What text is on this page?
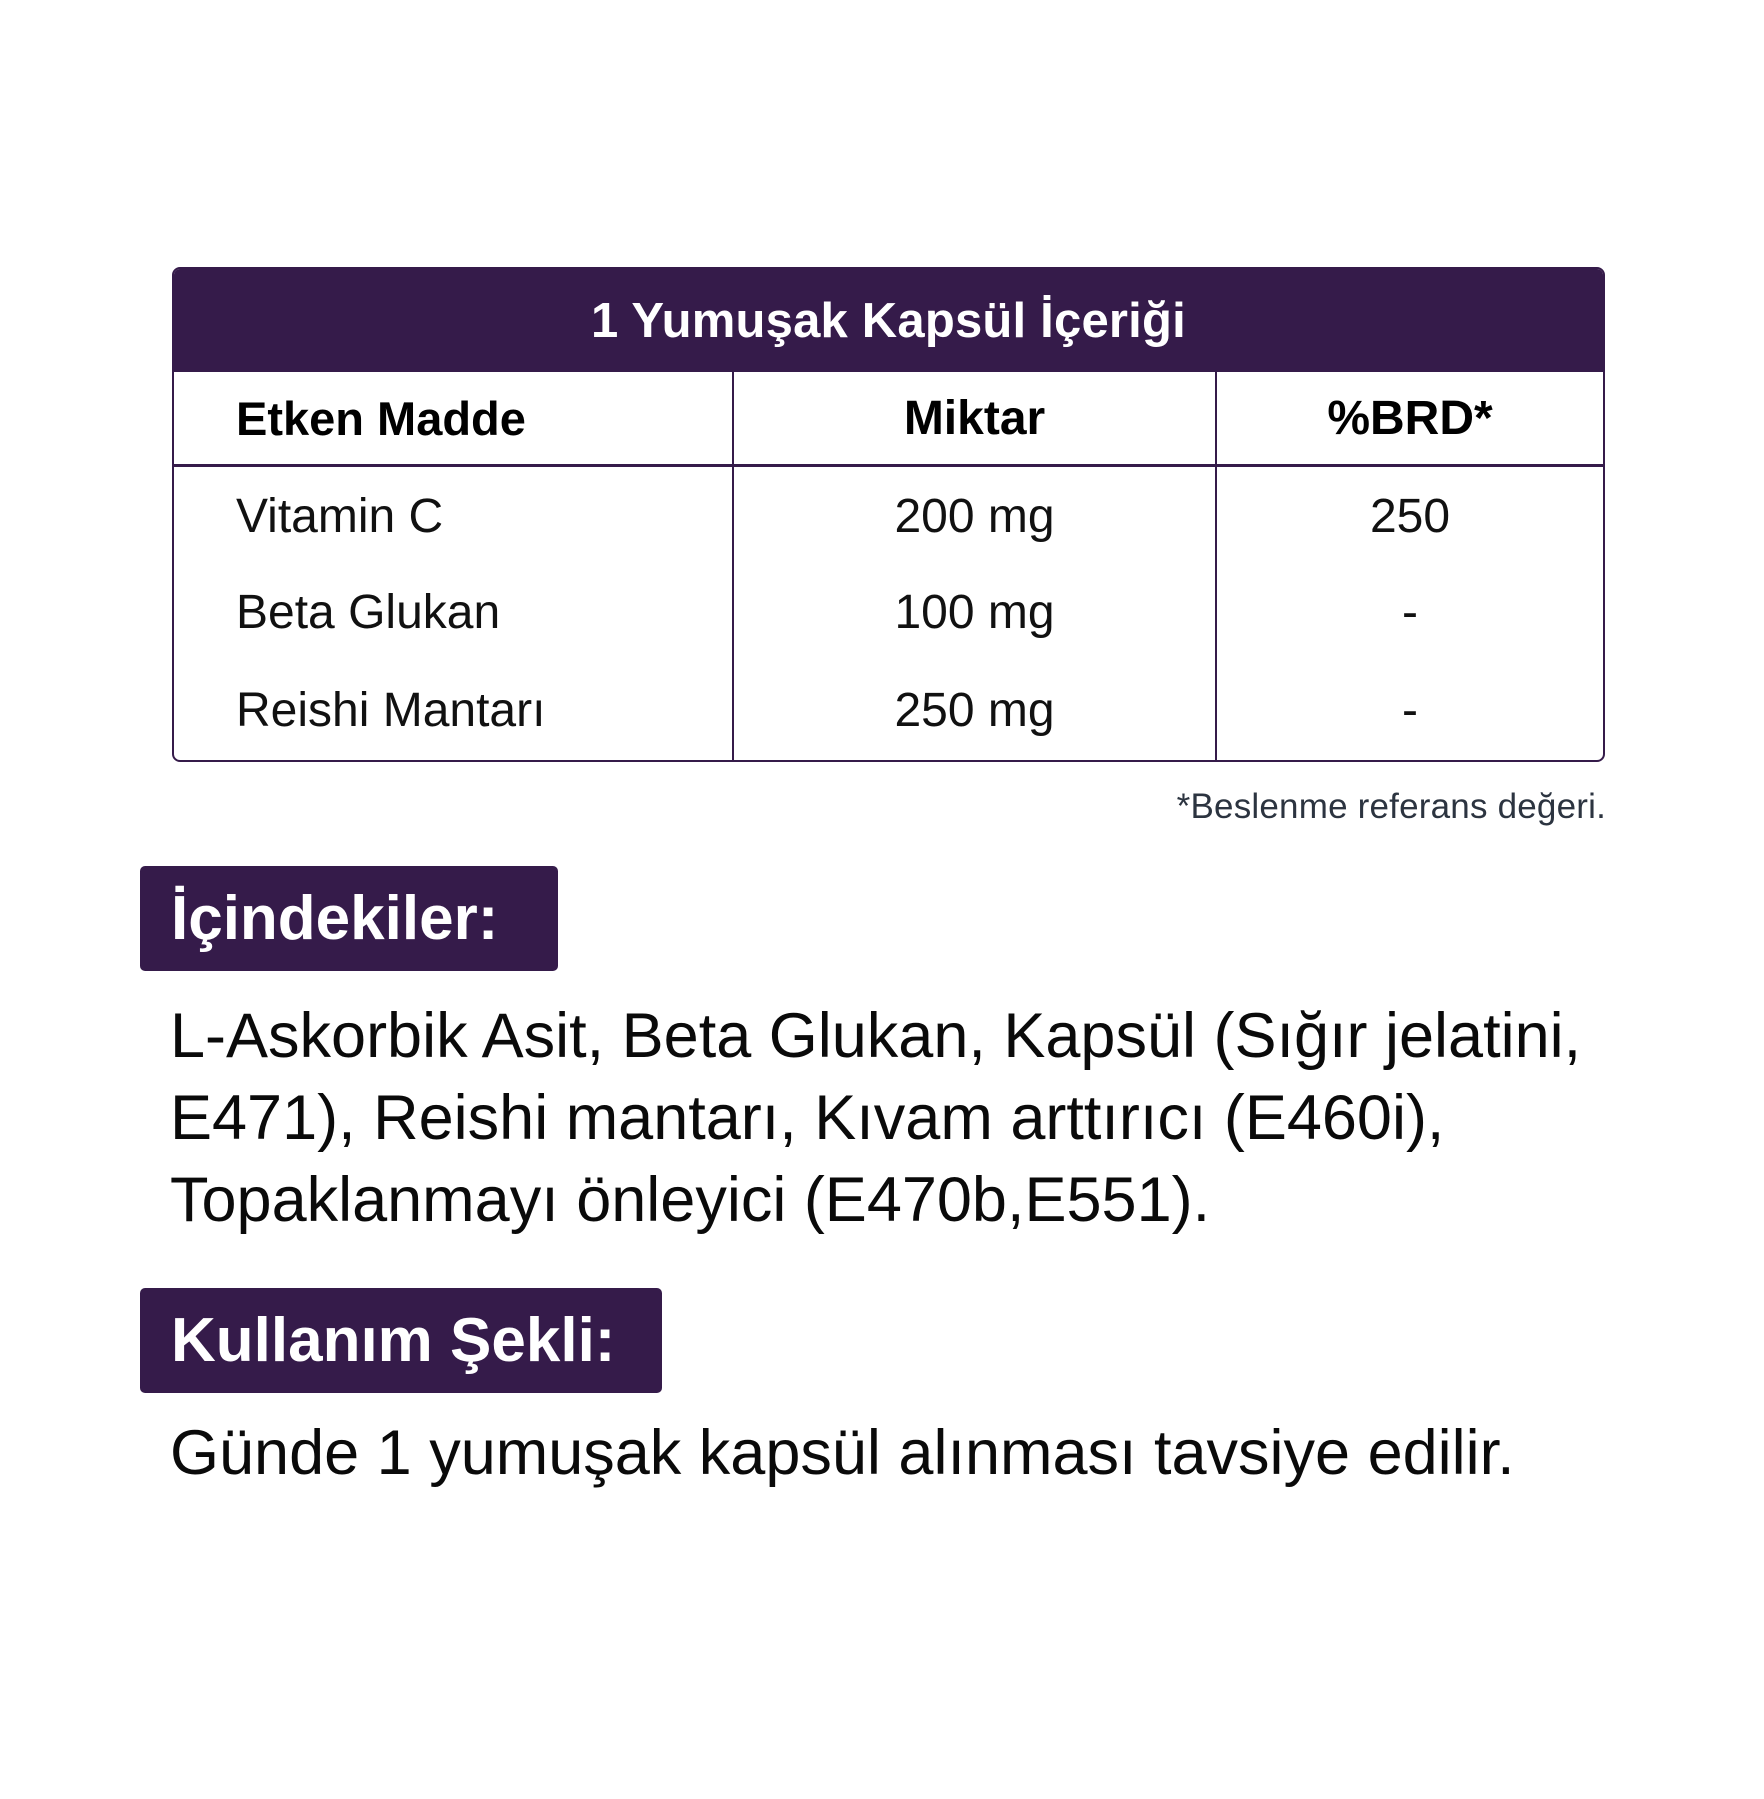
1 Yumuşak Kapsül İçeriği
Etken Madde	Miktar	%BRD*
Vitamin C	200 mg	250
Beta Glukan	100 mg	-
Reishi Mantarı	250 mg	-
*Beslenme referans değeri.
İçindekiler:
L-Askorbik Asit, Beta Glukan, Kapsül (Sığır jelatini, E471), Reishi mantarı, Kıvam arttırıcı (E460i), Topaklanmayı önleyici (E470b,E551).
Kullanım Şekli:
Günde 1 yumuşak kapsül alınması tavsiye edilir.
